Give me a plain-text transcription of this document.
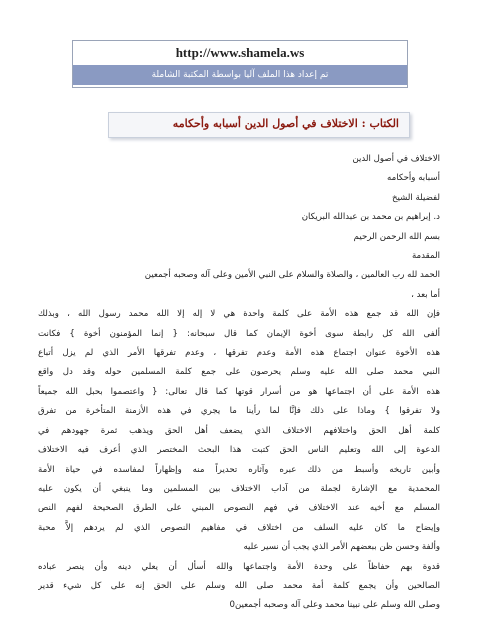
http://www.shamela.ws
تم إعداد هذا الملف آليا بواسطة المكتبة الشاملة
الكتاب : الاختلاف في أصول الدين أسبابه وأحكامه
الاختلاف في أصول الدين
أسبابه وأحكامه
لفضيلة الشيخ
د. إبراهيم بن محمد بن عبدالله البريكان
بسم الله الرحمن الرحيم
المقدمة
الحمد لله رب العالمين ، والصلاة والسلام على النبي الأمين وعلى آله وصحبه أجمعين
أما بعد ،
فإن الله قد جمع هذه الأمة على كلمة واحدة هي لا إله إلا الله محمد رسول الله ، وبذلك
ألفى الله كل رابطة سوى أخوة الإيمان كما قال سبحانه: { إنما المؤمنون أخوة } فكانت
هذه الأخوة عنوان اجتماع هذه الأمة وعدم تفرقها ، وعدم تفرقها الأمر الذي لم يزل أتباع
النبي محمد صلى الله عليه وسلم يحرصون على جمع كلمة المسلمين حوله وقد دل واقع
هذه الأمة على أن اجتماعها هو من أسرار قوتها كما قال تعالى: { واعتصموا بحبل الله جميعاً
ولا تفرقوا } وماذا على ذلك فإنَّا لما رأينا ما يجري في هذه الأزمنة المتأخرة من تفرق
كلمة أهل الحق واختلافهم الاختلاف الذي يضعف أهل الحق ويذهب ثمرة جهودهم في
الدعوة إلى الله وتعليم الناس الحق كتبت هذا البحث المختصر الذي أعرف فيه الاختلاف
وأبين تاريخه وأسبط من ذلك عبره وآثاره تحديراً منه وإظهاراً لمفاسده في حياة الأمة
المحمدية مع الإشارة لجملة من آداب الاختلاف بين المسلمين وما ينبغي أن يكون عليه
المسلم مع أخيه عند الاختلاف في فهم النصوص المبني على الطرق الصحيحة لفهم النص
وإيضاح ما كان عليه السلف من اختلاف في مفاهيم النصوص الذي لم يردهم إلاَّ محبة
وألفة وحسن ظن ببعضهم الأمر الذي يجب أن نسير عليه
قدوة بهم حفاظاً على وحدة الأمة واجتماعها والله أسأل أن يعلي دينه وأن ينصر عباده
الصالحين وأن يجمع كلمة أمة محمد صلى الله وسلم على الحق إنه على كل شيء قدير
وصلى الله وسلم على نبينا محمد وعلى آله وصحبه أجمعين0
